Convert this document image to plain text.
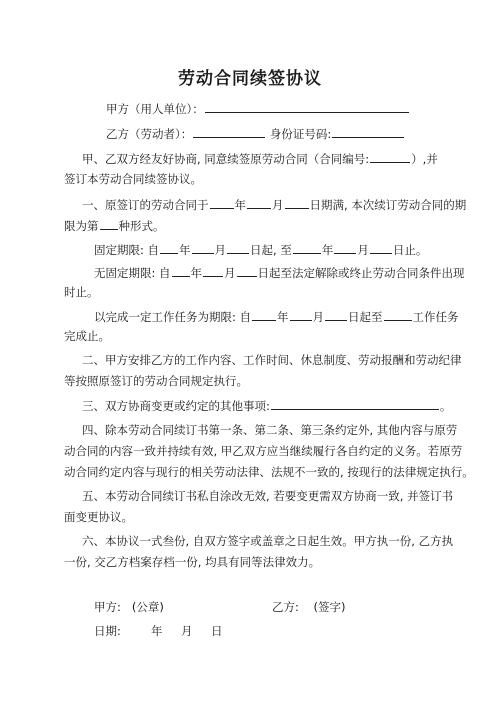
劳动合同续签协议
甲方（用人单位）：
乙方（劳动者）：	身份证号码:
甲、乙双方经友好协商, 同意续签原劳动合同（合同编号:	）,并
签订本劳动合同续签协议。
一、原签订的劳动合同于 年 月 日期满, 本次续订劳动合同的期
限为第 种形式。
固定期限: 自 年 月 日起, 至	年 月 日止。
无固定期限: 自 年 月 日起至法定解除或终止劳动合同条件出现
时止。
以完成一定工作任务为期限: 自 年 月 日起至	工作任务
完成止。
二、甲方安排乙方的工作内容、工作时间、休息制度、劳动报酬和劳动纪律
等按照原签订的劳动合同规定执行。
三、双方协商变更或约定的其他事项:	。
四、除本劳动合同续订书第一条、第二条、第三条约定外, 其他内容与原劳
动合同的内容一致并持续有效, 甲乙双方应当继续履行各自约定的义务。若原劳
动合同约定内容与现行的相关劳动法律、法规不一致的, 按现行的法律规定执行。
五、本劳动合同续订书私自涂改无效, 若要变更需双方协商一致, 并签订书
面变更协议。
六、本协议一式叁份, 自双方签字或盖章之日起生效。甲方执一份, 乙方执
一份, 交乙方档案存档一份, 均具有同等法律效力。
甲方: (公章)	乙方: (签字)
日期:	年 月 日
